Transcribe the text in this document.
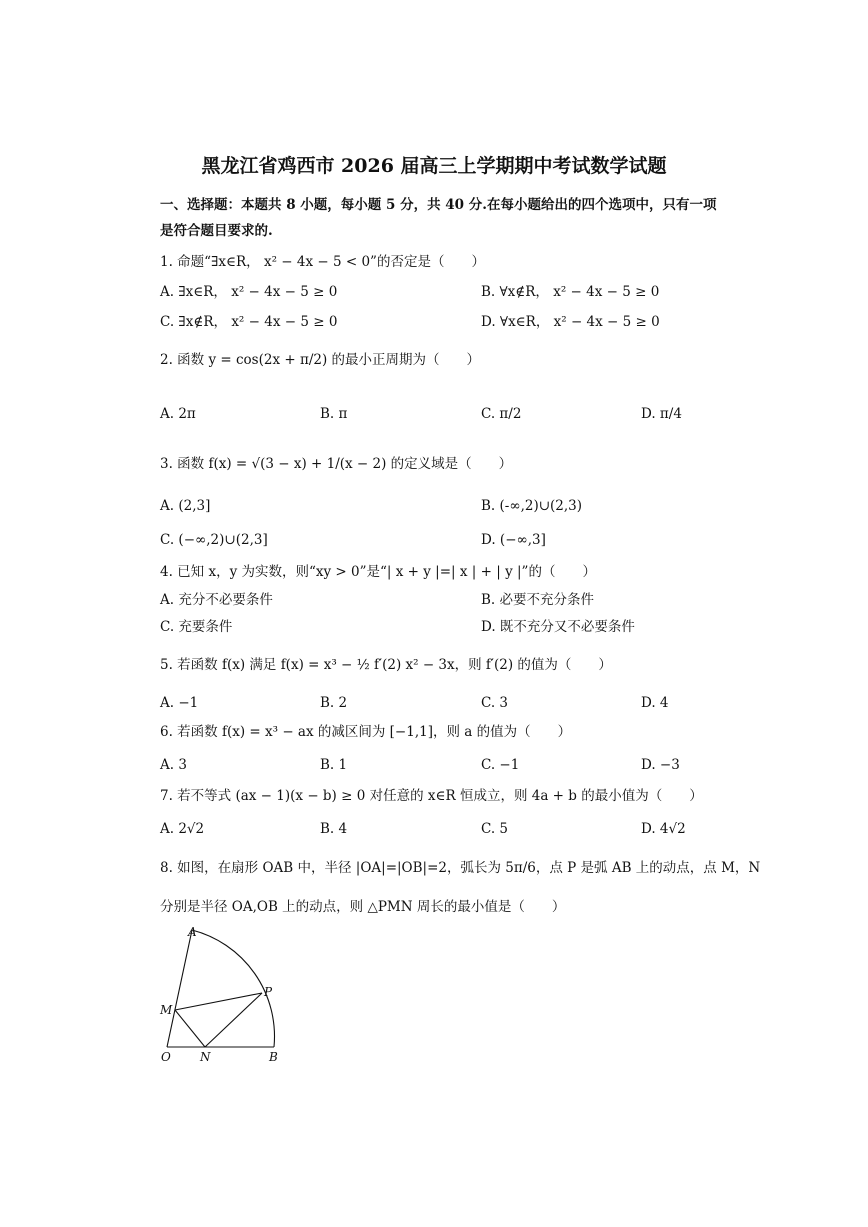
黑龙江省鸡西市 2026 届高三上学期期中考试数学试题
一、选择题：本题共 8 小题，每小题 5 分，共 40 分.在每小题给出的四个选项中，只有一项
是符合题目要求的.
1. 命题“∃x∈R， x² − 4x − 5 < 0”的否定是（　　）
A. ∃x∈R， x² − 4x − 5 ≥ 0	B. ∀x∉R， x² − 4x − 5 ≥ 0
C. ∃x∉R， x² − 4x − 5 ≥ 0	D. ∀x∈R， x² − 4x − 5 ≥ 0
2. 函数 y = cos(2x + π/2) 的最小正周期为（　　）
A. 2π	B. π	C. π/2	D. π/4
3. 函数 f(x) = √(3 − x) + 1/(x − 2) 的定义域是（　　）
A. (2,3]	B. (-∞,2)∪(2,3)
C. (−∞,2)∪(2,3]	D. (−∞,3]
4. 已知 x，y 为实数，则“xy > 0”是“| x + y |=| x | + | y |”的（　　）
A. 充分不必要条件	B. 必要不充分条件
C. 充要条件	D. 既不充分又不必要条件
5. 若函数 f(x) 满足 f(x) = x³ − ½ f′(2) x² − 3x，则 f′(2) 的值为（　　）
A. −1	B. 2	C. 3	D. 4
6. 若函数 f(x) = x³ − ax 的减区间为 [−1,1]，则 a 的值为（　　）
A. 3	B. 1	C. −1	D. −3
7. 若不等式 (ax − 1)(x − b) ≥ 0 对任意的 x∈R 恒成立，则 4a + b 的最小值为（　　）
A. 2√2	B. 4	C. 5	D. 4√2
8. 如图，在扇形 OAB 中，半径 |OA|=|OB|=2，弧长为 5π/6，点 P 是弧 AB 上的动点，点 M，N
分别是半径 OA,OB 上的动点，则 △PMN 周长的最小值是（　　）
A
P
M
O N	B
